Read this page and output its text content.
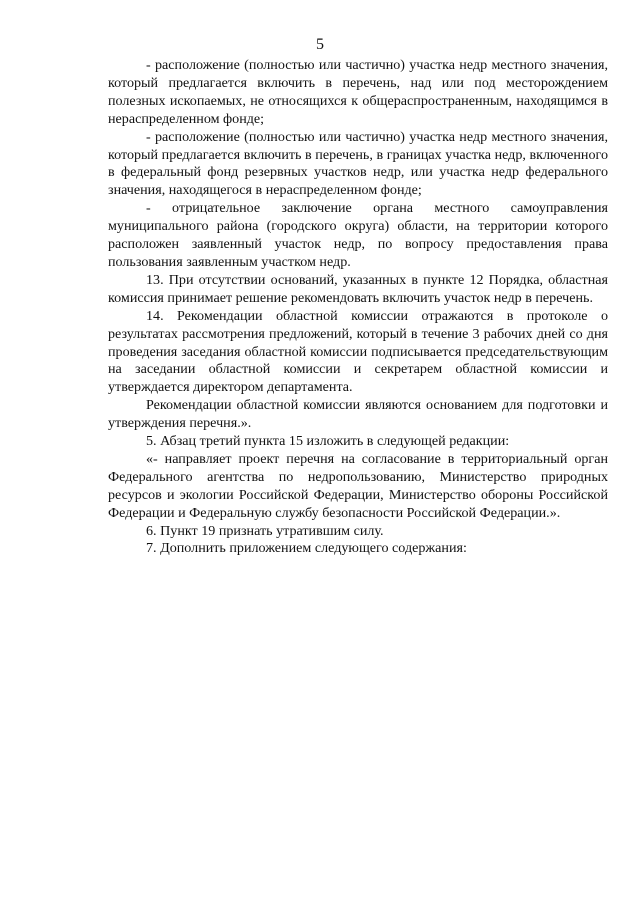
5

- расположение (полностью или частично) участка недр местного значения, который предлагается включить в перечень, над или под месторождением полезных ископаемых, не относящихся к общераспространенным, находящимся в нераспределенном фонде;

- расположение (полностью или частично) участка недр местного значения, который предлагается включить в перечень, в границах участка недр, включенного в федеральный фонд резервных участков недр, или участка недр федерального значения, находящегося в нераспределенном фонде;

- отрицательное заключение органа местного самоуправления муниципального района (городского округа) области, на территории которого расположен заявленный участок недр, по вопросу предоставления права пользования заявленным участком недр.

13. При отсутствии оснований, указанных в пункте 12 Порядка, областная комиссия принимает решение рекомендовать включить участок недр в перечень.

14. Рекомендации областной комиссии отражаются в протоколе о результатах рассмотрения предложений, который в течение 3 рабочих дней со дня проведения заседания областной комиссии подписывается председательствующим на заседании областной комиссии и секретарем областной комиссии и утверждается директором департамента.

Рекомендации областной комиссии являются основанием для подготовки и утверждения перечня.».

5. Абзац третий пункта 15 изложить в следующей редакции:

«- направляет проект перечня на согласование в территориальный орган Федерального агентства по недропользованию, Министерство природных ресурсов и экологии Российской Федерации, Министерство обороны Российской Федерации и Федеральную службу безопасности Российской Федерации.».

6. Пункт 19 признать утратившим силу.

7. Дополнить приложением следующего содержания:
